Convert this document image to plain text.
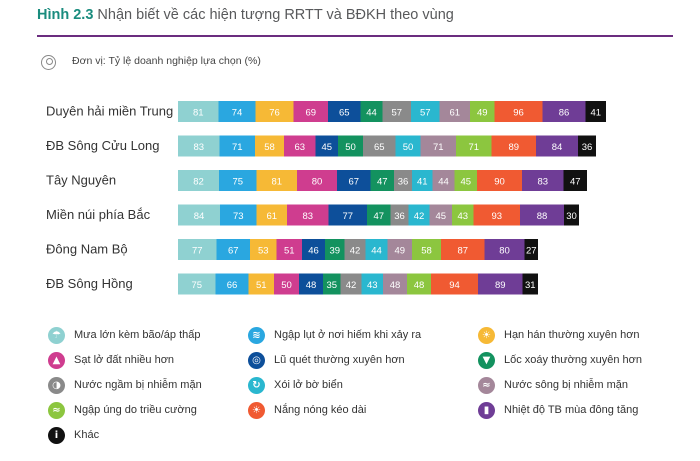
Hình 2.3 Nhận biết về các hiện tượng RRTT và BĐKH theo vùng
Đơn vị: Tỷ lệ doanh nghiệp lựa chọn (%)
Duyên hải miền Trung 81	74	76	69 65 44 57 57 61 49	96	86 41
ĐB Sông Cửu Long	83	71 58 63 45 50 65 50 71	71	89	84 36
Tây Nguyên	82	75	81	80	67 47 36 41 44 45 90	83 47
Miền núi phía Bắc	84	73 61	83	77 47 36 42 45 43 93	88 30
Đông Nam Bộ	77	67 53 51 46 39 42 44 49 58	87	80 27
ĐB Sông Hồng	75	66 51 50 48 35 42 43 48 48	94	89 31
☂	Mưa lớn kèm bão/áp thấp	≋	Ngập lụt ở nơi hiếm khi xảy ra	☀	Hạn hán thường xuyên hơn
▲	Sạt lở đất nhiều hơn	◎	Lũ quét thường xuyên hơn	▼	Lốc xoáy thường xuyên hơn
◑	Nước ngầm bị nhiễm mặn	↻	Xói lở bờ biển	≈	Nước sông bị nhiễm mặn
≈	Ngập úng do triều cường	☀	Nắng nóng kéo dài	▮	Nhiệt độ TB mùa đông tăng
i	Khác
